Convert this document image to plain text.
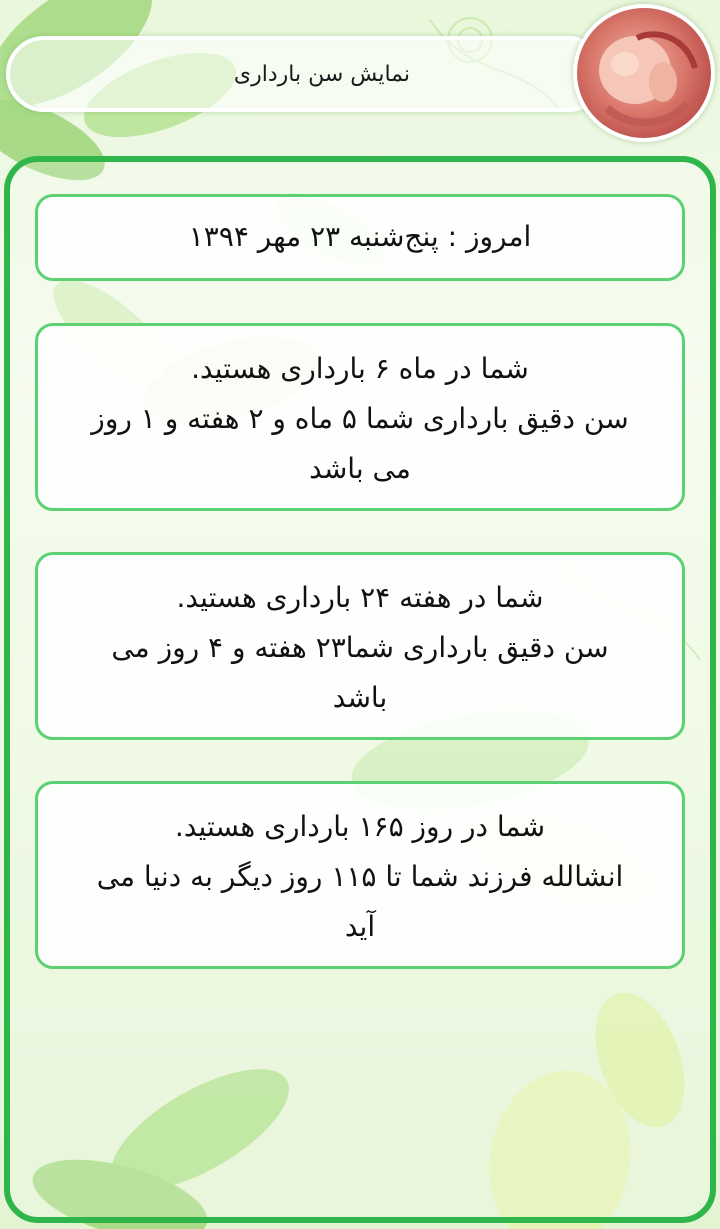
نمایش سن بارداری
امروز : پنج‌شنبه ۲۳ مهر ۱۳۹۴
شما در ماه ۶ بارداری هستید.
سن دقیق بارداری شما ۵ ماه و ۲ هفته و ۱ روز
می باشد
شما در هفته ۲۴ بارداری هستید.
سن دقیق بارداری شما۲۳ هفته و ۴ روز می
باشد
شما در روز ۱۶۵ بارداری هستید.
انشالله فرزند شما تا ۱۱۵ روز دیگر به دنیا می
آید
